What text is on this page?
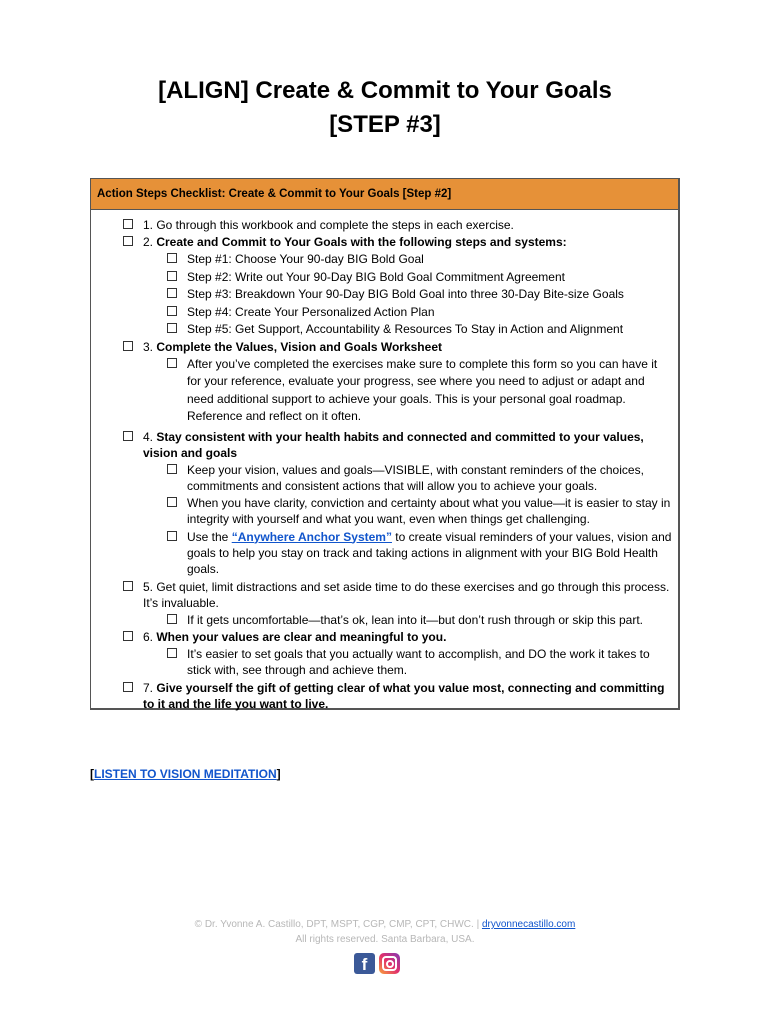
[ALIGN] Create & Commit to Your Goals
[STEP #3]
Action Steps Checklist: Create & Commit to Your Goals [Step #2]
1. Go through this workbook and complete the steps in each exercise.
2. Create and Commit to Your Goals with the following steps and systems:
Step #1: Choose Your 90-day BIG Bold Goal
Step #2: Write out Your 90-Day BIG Bold Goal Commitment Agreement
Step #3: Breakdown Your 90-Day BIG Bold Goal into three 30-Day Bite-size Goals
Step #4: Create Your Personalized Action Plan
Step #5: Get Support, Accountability & Resources To Stay in Action and Alignment
3. Complete the Values, Vision and Goals Worksheet
After you’ve completed the exercises make sure to complete this form so you can have it for your reference, evaluate your progress, see where you need to adjust or adapt and need additional support to achieve your goals. This is your personal goal roadmap. Reference and reflect on it often.
4. Stay consistent with your health habits and connected and committed to your values, vision and goals
Keep your vision, values and goals—VISIBLE, with constant reminders of the choices, commitments and consistent actions that will allow you to achieve your goals.
When you have clarity, conviction and certainty about what you value—it is easier to stay in integrity with yourself and what you want, even when things get challenging.
Use the “Anywhere Anchor System” to create visual reminders of your values, vision and goals to help you stay on track and taking actions in alignment with your BIG Bold Health goals.
5. Get quiet, limit distractions and set aside time to do these exercises and go through this process. It’s invaluable.
If it gets uncomfortable—that’s ok, lean into it—but don’t rush through or skip this part.
6. When your values are clear and meaningful to you.
It’s easier to set goals that you actually want to accomplish, and DO the work it takes to stick with, see through and achieve them.
7. Give yourself the gift of getting clear of what you value most, connecting and committing to it and the life you want to live.
[LISTEN TO VISION MEDITATION]
© Dr. Yvonne A. Castillo, DPT, MSPT, CGP, CMP, CPT, CHWC. | dryvonnecastillo.com
All rights reserved. Santa Barbara, USA.
f
